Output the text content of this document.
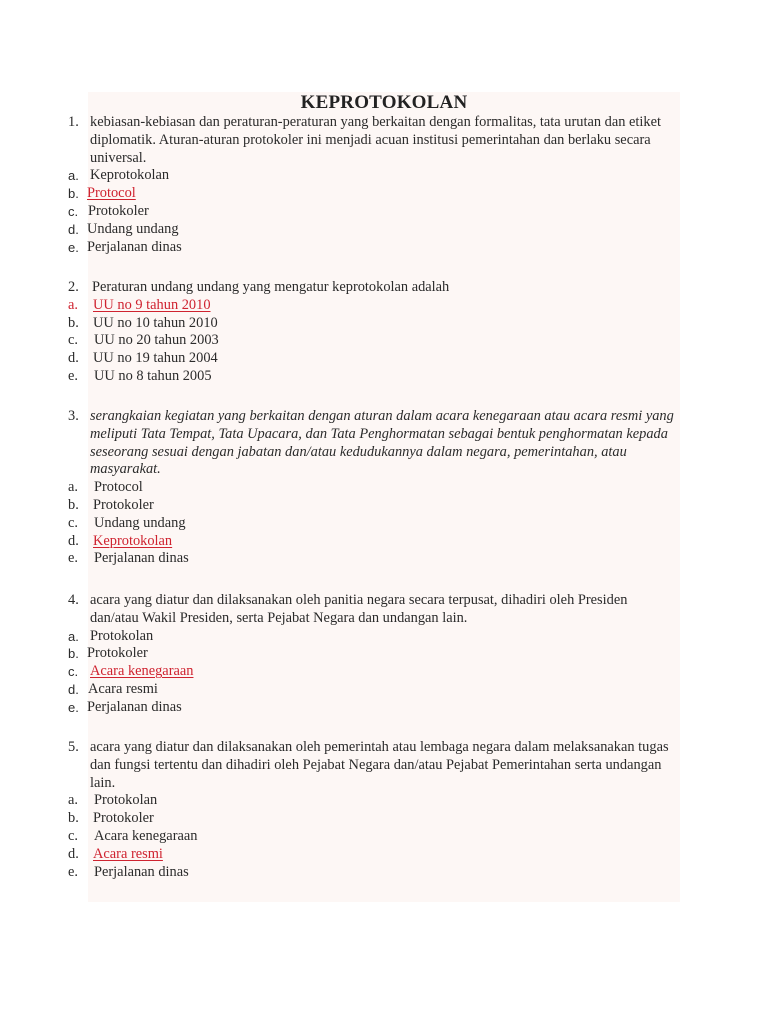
KEPROTOKOLAN
1. kebiasan-kebiasan dan peraturan-peraturan yang berkaitan dengan formalitas, tata urutan dan etiket diplomatik. Aturan-aturan protokoler ini menjadi acuan institusi pemerintahan dan berlaku secara universal.
a. Keprotokolan
b. Protocol
c. Protokoler
d. Undang undang
e. Perjalanan dinas
2. Peraturan undang undang yang mengatur keprotokolan adalah
a. UU no 9 tahun 2010
b. UU no 10 tahun 2010
c. UU no 20 tahun 2003
d. UU no 19 tahun 2004
e. UU no 8 tahun 2005
3. serangkaian kegiatan yang berkaitan dengan aturan dalam acara kenegaraan atau acara resmi yang meliputi Tata Tempat, Tata Upacara, dan Tata Penghormatan sebagai bentuk penghormatan kepada seseorang sesuai dengan jabatan dan/atau kedudukannya dalam negara, pemerintahan, atau masyarakat.
a. Protocol
b. Protokoler
c. Undang undang
d. Keprotokolan
e. Perjalanan dinas
4. acara yang diatur dan dilaksanakan oleh panitia negara secara terpusat, dihadiri oleh Presiden dan/atau Wakil Presiden, serta Pejabat Negara dan undangan lain.
a. Protokolan
b. Protokoler
c. Acara kenegaraan
d. Acara resmi
e. Perjalanan dinas
5. acara yang diatur dan dilaksanakan oleh pemerintah atau lembaga negara dalam melaksanakan tugas dan fungsi tertentu dan dihadiri oleh Pejabat Negara dan/atau Pejabat Pemerintahan serta undangan lain.
a. Protokolan
b. Protokoler
c. Acara kenegaraan
d. Acara resmi
e. Perjalanan dinas
